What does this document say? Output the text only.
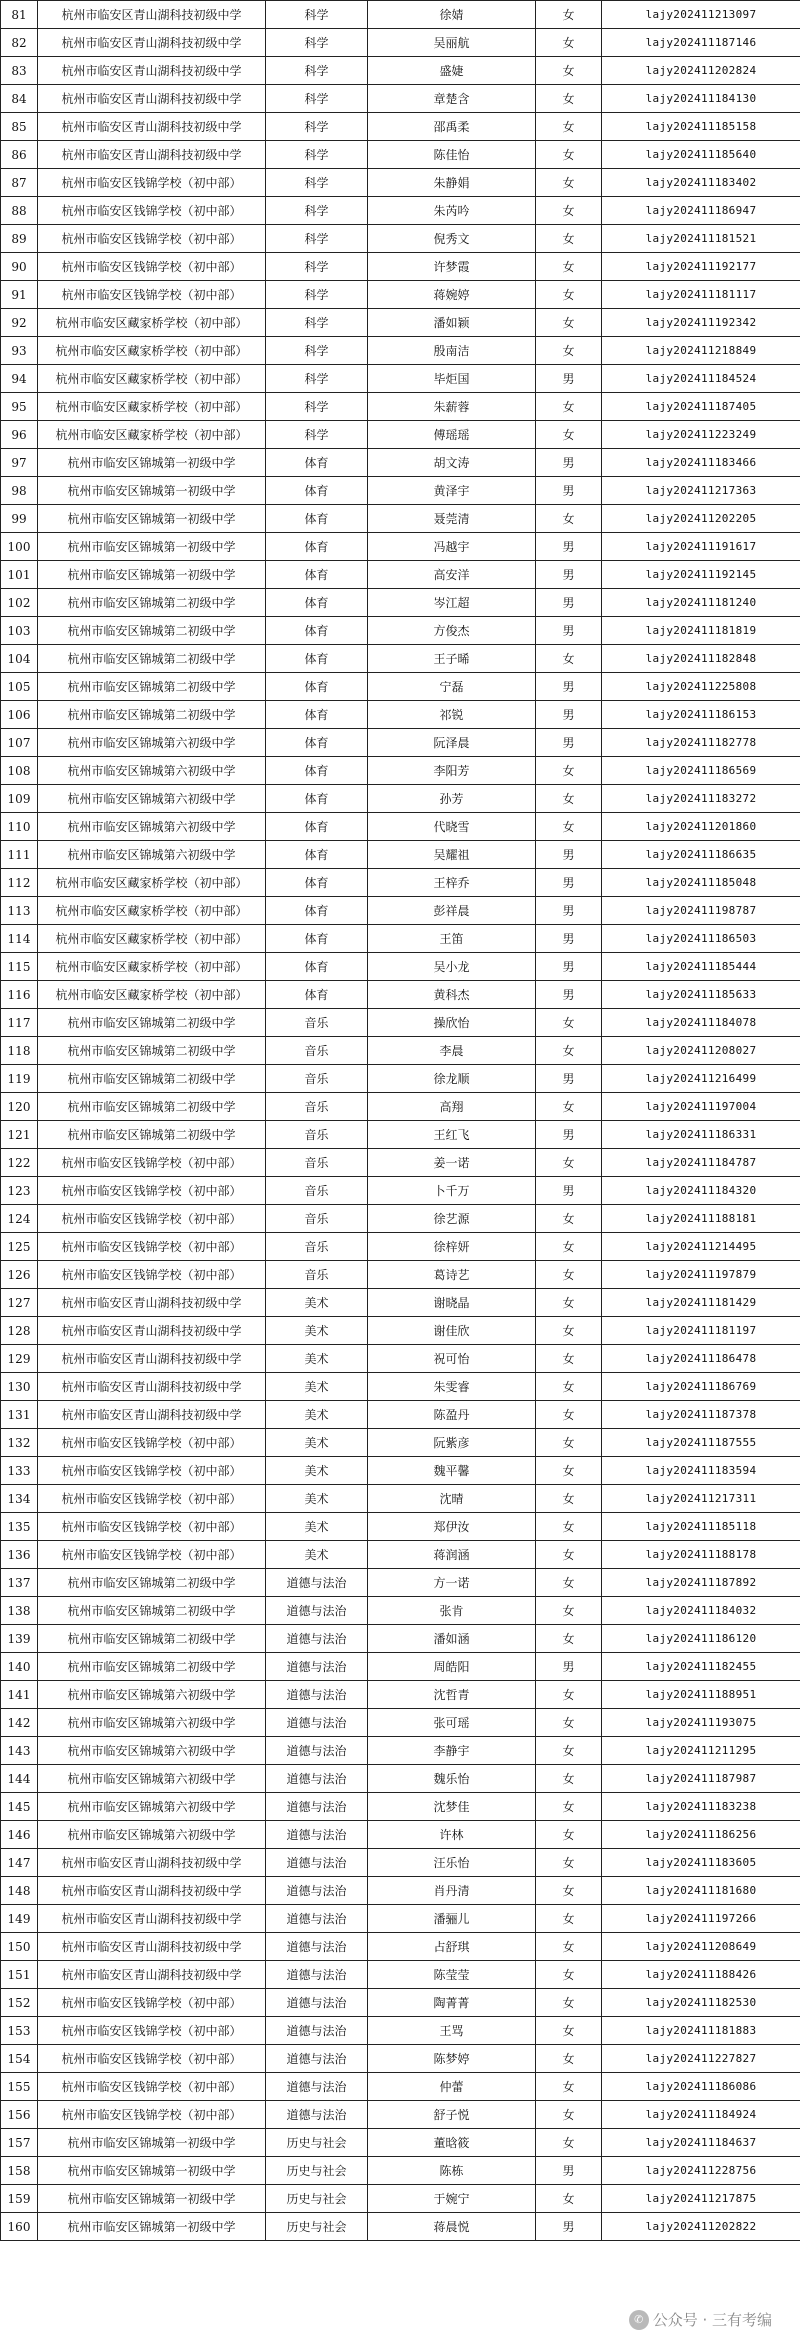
81	杭州市临安区青山湖科技初级中学	科学	徐婧	女	lajy202411213097
82	杭州市临安区青山湖科技初级中学	科学	吴丽航	女	lajy202411187146
83	杭州市临安区青山湖科技初级中学	科学	盛婕	女	lajy202411202824
84	杭州市临安区青山湖科技初级中学	科学	章楚含	女	lajy202411184130
85	杭州市临安区青山湖科技初级中学	科学	邵禹柔	女	lajy202411185158
86	杭州市临安区青山湖科技初级中学	科学	陈佳怡	女	lajy202411185640
87	杭州市临安区钱锦学校（初中部）	科学	朱静娟	女	lajy202411183402
88	杭州市临安区钱锦学校（初中部）	科学	朱芮吟	女	lajy202411186947
89	杭州市临安区钱锦学校（初中部）	科学	倪秀文	女	lajy202411181521
90	杭州市临安区钱锦学校（初中部）	科学	许梦霞	女	lajy202411192177
91	杭州市临安区钱锦学校（初中部）	科学	蒋婉婷	女	lajy202411181117
92	杭州市临安区藏家桥学校（初中部）	科学	潘如颖	女	lajy202411192342
93	杭州市临安区藏家桥学校（初中部）	科学	殷南洁	女	lajy202411218849
94	杭州市临安区藏家桥学校（初中部）	科学	毕炬国	男	lajy202411184524
95	杭州市临安区藏家桥学校（初中部）	科学	朱薪蓉	女	lajy202411187405
96	杭州市临安区藏家桥学校（初中部）	科学	傅瑶瑶	女	lajy202411223249
97	杭州市临安区锦城第一初级中学	体育	胡文涛	男	lajy202411183466
98	杭州市临安区锦城第一初级中学	体育	黄泽宇	男	lajy202411217363
99	杭州市临安区锦城第一初级中学	体育	聂莞清	女	lajy202411202205
100	杭州市临安区锦城第一初级中学	体育	冯越宇	男	lajy202411191617
101	杭州市临安区锦城第一初级中学	体育	高安洋	男	lajy202411192145
102	杭州市临安区锦城第二初级中学	体育	岑江超	男	lajy202411181240
103	杭州市临安区锦城第二初级中学	体育	方俊杰	男	lajy202411181819
104	杭州市临安区锦城第二初级中学	体育	王子晞	女	lajy202411182848
105	杭州市临安区锦城第二初级中学	体育	宁磊	男	lajy202411225808
106	杭州市临安区锦城第二初级中学	体育	祁锐	男	lajy202411186153
107	杭州市临安区锦城第六初级中学	体育	阮泽晨	男	lajy202411182778
108	杭州市临安区锦城第六初级中学	体育	李阳芳	女	lajy202411186569
109	杭州市临安区锦城第六初级中学	体育	孙芳	女	lajy202411183272
110	杭州市临安区锦城第六初级中学	体育	代晓雪	女	lajy202411201860
111	杭州市临安区锦城第六初级中学	体育	吴耀祖	男	lajy202411186635
112	杭州市临安区藏家桥学校（初中部）	体育	王梓乔	男	lajy202411185048
113	杭州市临安区藏家桥学校（初中部）	体育	彭祥晨	男	lajy202411198787
114	杭州市临安区藏家桥学校（初中部）	体育	王笛	男	lajy202411186503
115	杭州市临安区藏家桥学校（初中部）	体育	吴小龙	男	lajy202411185444
116	杭州市临安区藏家桥学校（初中部）	体育	黄科杰	男	lajy202411185633
117	杭州市临安区锦城第二初级中学	音乐	操欣怡	女	lajy202411184078
118	杭州市临安区锦城第二初级中学	音乐	李晨	女	lajy202411208027
119	杭州市临安区锦城第二初级中学	音乐	徐龙顺	男	lajy202411216499
120	杭州市临安区锦城第二初级中学	音乐	高翔	女	lajy202411197004
121	杭州市临安区锦城第二初级中学	音乐	王红飞	男	lajy202411186331
122	杭州市临安区钱锦学校（初中部）	音乐	姜一诺	女	lajy202411184787
123	杭州市临安区钱锦学校（初中部）	音乐	卜千万	男	lajy202411184320
124	杭州市临安区钱锦学校（初中部）	音乐	徐艺源	女	lajy202411188181
125	杭州市临安区钱锦学校（初中部）	音乐	徐梓妍	女	lajy202411214495
126	杭州市临安区钱锦学校（初中部）	音乐	葛诗艺	女	lajy202411197879
127	杭州市临安区青山湖科技初级中学	美术	谢晓晶	女	lajy202411181429
128	杭州市临安区青山湖科技初级中学	美术	谢佳欣	女	lajy202411181197
129	杭州市临安区青山湖科技初级中学	美术	祝可怡	女	lajy202411186478
130	杭州市临安区青山湖科技初级中学	美术	朱雯睿	女	lajy202411186769
131	杭州市临安区青山湖科技初级中学	美术	陈盈丹	女	lajy202411187378
132	杭州市临安区钱锦学校（初中部）	美术	阮紫彦	女	lajy202411187555
133	杭州市临安区钱锦学校（初中部）	美术	魏平馨	女	lajy202411183594
134	杭州市临安区钱锦学校（初中部）	美术	沈晴	女	lajy202411217311
135	杭州市临安区钱锦学校（初中部）	美术	郑伊汝	女	lajy202411185118
136	杭州市临安区钱锦学校（初中部）	美术	蒋润涵	女	lajy202411188178
137	杭州市临安区锦城第二初级中学	道德与法治	方一诺	女	lajy202411187892
138	杭州市临安区锦城第二初级中学	道德与法治	张肯	女	lajy202411184032
139	杭州市临安区锦城第二初级中学	道德与法治	潘如涵	女	lajy202411186120
140	杭州市临安区锦城第二初级中学	道德与法治	周皓阳	男	lajy202411182455
141	杭州市临安区锦城第六初级中学	道德与法治	沈哲青	女	lajy202411188951
142	杭州市临安区锦城第六初级中学	道德与法治	张可瑶	女	lajy202411193075
143	杭州市临安区锦城第六初级中学	道德与法治	李静宇	女	lajy202411211295
144	杭州市临安区锦城第六初级中学	道德与法治	魏乐怡	女	lajy202411187987
145	杭州市临安区锦城第六初级中学	道德与法治	沈梦佳	女	lajy202411183238
146	杭州市临安区锦城第六初级中学	道德与法治	许林	女	lajy202411186256
147	杭州市临安区青山湖科技初级中学	道德与法治	汪乐怡	女	lajy202411183605
148	杭州市临安区青山湖科技初级中学	道德与法治	肖丹清	女	lajy202411181680
149	杭州市临安区青山湖科技初级中学	道德与法治	潘骊儿	女	lajy202411197266
150	杭州市临安区青山湖科技初级中学	道德与法治	占舒琪	女	lajy202411208649
151	杭州市临安区青山湖科技初级中学	道德与法治	陈莹莹	女	lajy202411188426
152	杭州市临安区钱锦学校（初中部）	道德与法治	陶菁菁	女	lajy202411182530
153	杭州市临安区钱锦学校（初中部）	道德与法治	王骂	女	lajy202411181883
154	杭州市临安区钱锦学校（初中部）	道德与法治	陈梦婷	女	lajy202411227827
155	杭州市临安区钱锦学校（初中部）	道德与法治	仲蕾	女	lajy202411186086
156	杭州市临安区钱锦学校（初中部）	道德与法治	舒子悦	女	lajy202411184924
157	杭州市临安区锦城第一初级中学	历史与社会	董晗筱	女	lajy202411184637
158	杭州市临安区锦城第一初级中学	历史与社会	陈栋	男	lajy202411228756
159	杭州市临安区锦城第一初级中学	历史与社会	于婉宁	女	lajy202411217875
160	杭州市临安区锦城第一初级中学	历史与社会	蒋晨悦	男	lajy202411202822
✆ 公众号 · 三有考编
